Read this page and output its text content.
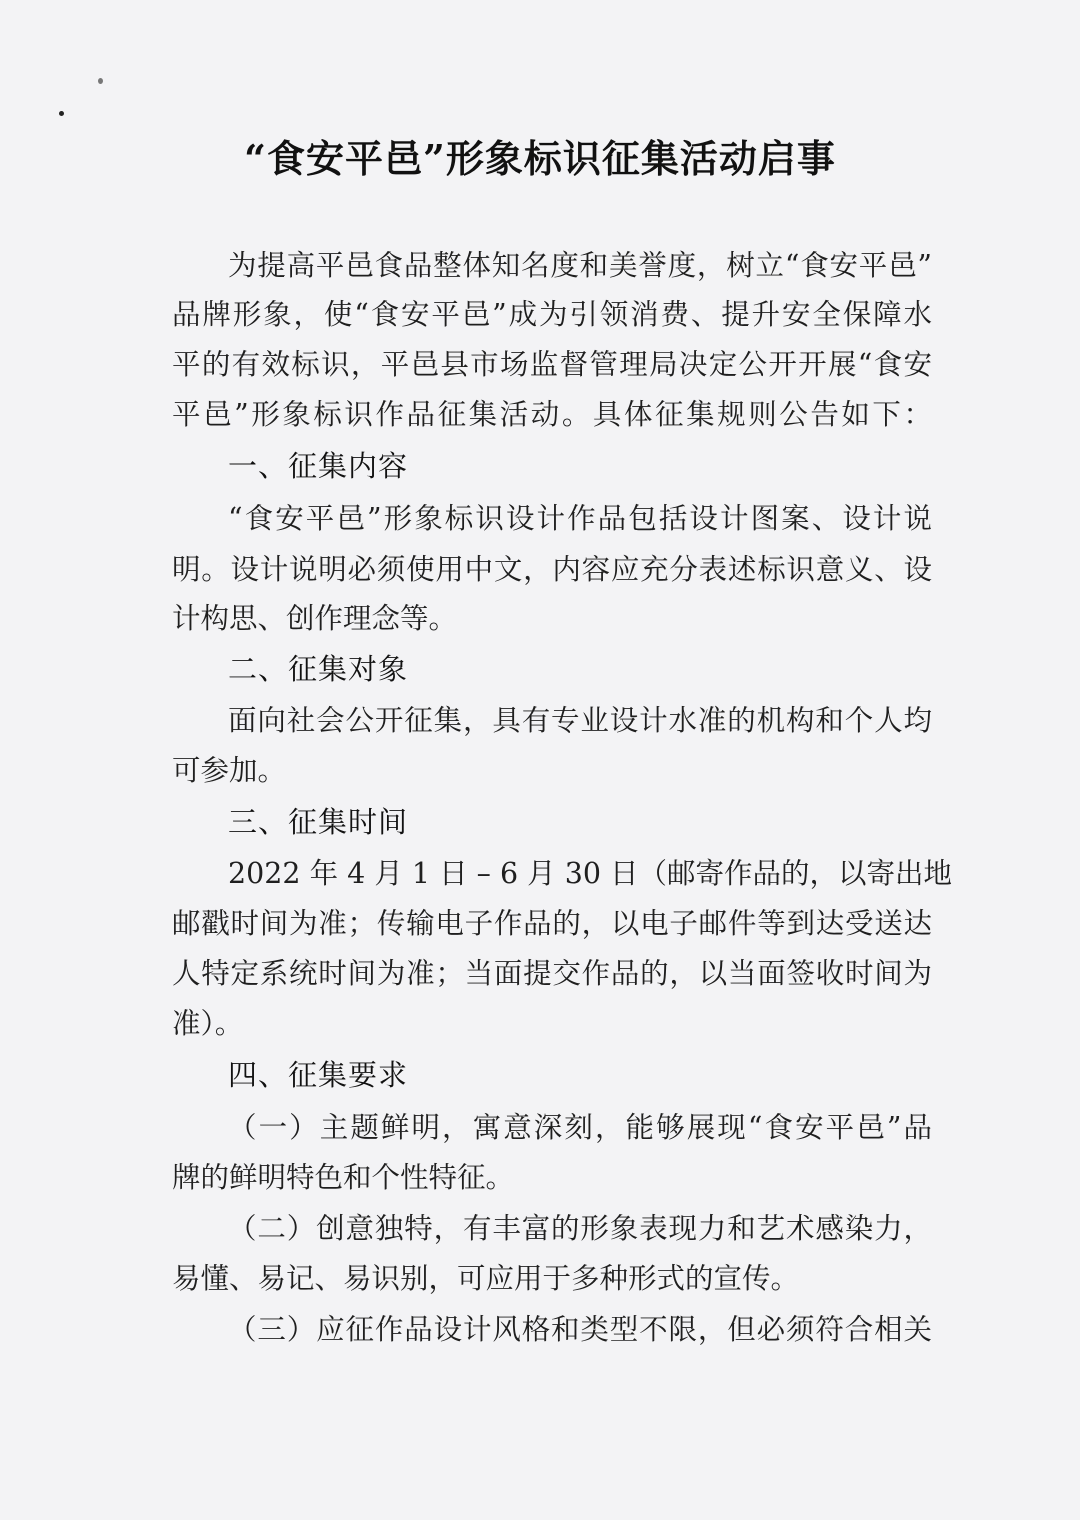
“食安平邑”形象标识征集活动启事

为提高平邑食品整体知名度和美誉度，树立“食安平邑”

品牌形象，使“食安平邑”成为引领消费、提升安全保障水

平的有效标识，平邑县市场监督管理局决定公开开展“食安

平邑”形象标识作品征集活动。具体征集规则公告如下：

一、征集内容

“食安平邑”形象标识设计作品包括设计图案、设计说

明。设计说明必须使用中文，内容应充分表述标识意义、设

计构思、创作理念等。

二、征集对象

面向社会公开征集，具有专业设计水准的机构和个人均

可参加。

三、征集时间

2022 年 4 月 1 日 – 6 月 30 日（邮寄作品的，以寄出地

邮戳时间为准；传输电子作品的，以电子邮件等到达受送达

人特定系统时间为准；当面提交作品的，以当面签收时间为

准）。

四、征集要求

（一）主题鲜明，寓意深刻，能够展现“食安平邑”品

牌的鲜明特色和个性特征。

（二）创意独特，有丰富的形象表现力和艺术感染力，

易懂、易记、易识别，可应用于多种形式的宣传。

（三）应征作品设计风格和类型不限，但必须符合相关
